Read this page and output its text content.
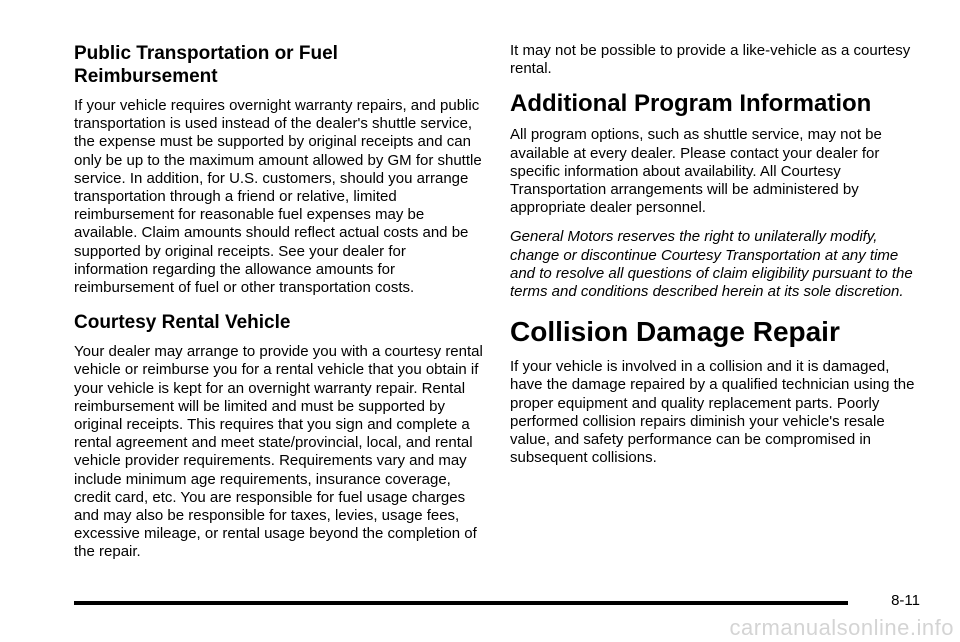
Public Transportation or Fuel
Reimbursement

If your vehicle requires overnight warranty repairs, and public transportation is used instead of the dealer's shuttle service, the expense must be supported by original receipts and can only be up to the maximum amount allowed by GM for shuttle service. In addition, for U.S. customers, should you arrange transportation through a friend or relative, limited reimbursement for reasonable fuel expenses may be available. Claim amounts should reflect actual costs and be supported by original receipts. See your dealer for information regarding the allowance amounts for reimbursement of fuel or other transportation costs.

Courtesy Rental Vehicle

Your dealer may arrange to provide you with a courtesy rental vehicle or reimburse you for a rental vehicle that you obtain if your vehicle is kept for an overnight warranty repair. Rental reimbursement will be limited and must be supported by original receipts. This requires that you sign and complete a rental agreement and meet state/provincial, local, and rental vehicle provider requirements. Requirements vary and may include minimum age requirements, insurance coverage, credit card, etc. You are responsible for fuel usage charges and may also be responsible for taxes, levies, usage fees, excessive mileage, or rental usage beyond the completion of the repair.

It may not be possible to provide a like-vehicle as a courtesy rental.

Additional Program Information

All program options, such as shuttle service, may not be available at every dealer. Please contact your dealer for specific information about availability. All Courtesy Transportation arrangements will be administered by appropriate dealer personnel.

General Motors reserves the right to unilaterally modify, change or discontinue Courtesy Transportation at any time and to resolve all questions of claim eligibility pursuant to the terms and conditions described herein at its sole discretion.

Collision Damage Repair

If your vehicle is involved in a collision and it is damaged, have the damage repaired by a qualified technician using the proper equipment and quality replacement parts. Poorly performed collision repairs diminish your vehicle's resale value, and safety performance can be compromised in subsequent collisions.

8-11
carmanualsonline.info
